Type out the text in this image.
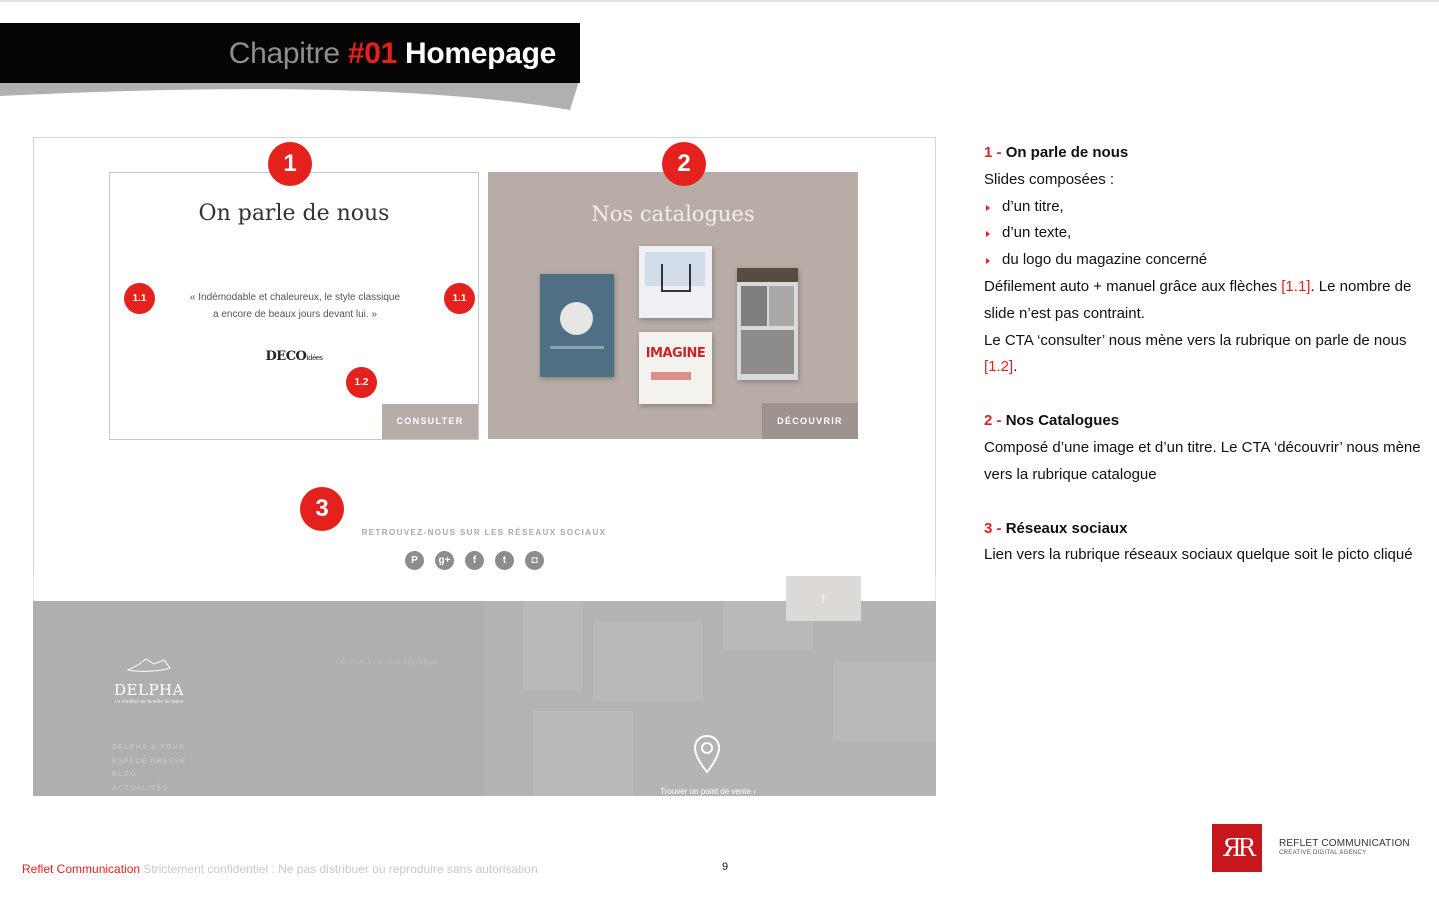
Chapitre #01 Homepage
On parle de nous
« Indémodable et chaleureux, le style classique
a encore de beaux jours devant lui. »
DECOidées
CONSULTER
Nos catalogues
IMAGINE
DÉCOUVRIR
1	2
3
1.1	1.1
1.2
RETROUVEZ-NOUS SUR LES RÉSEAUX SOCIAUX
P	g+	f	t	◘
DELPHA
Le meilleur de la salle de bains
DELPHA, 2 rue de la République
DELPHA & VOUS
ESPACE PRESSE
BLOG
ACTUALITÉS	Trouver un point de vente ›
↑

1 - On parle de nous

Slides composées :

d’un titre,
d’un texte,
du logo du magazine concerné

Défilement auto + manuel grâce aux flèches [1.1]. Le nombre de slide n’est pas contraint.

Le CTA ‘consulter’ nous mène vers la rubrique on parle de nous [1.2].

2 - Nos Catalogues

Composé d’une image et d’un titre. Le CTA ‘découvrir’ nous mène vers la rubrique catalogue

3 - Réseaux sociaux

Lien vers la rubrique réseaux sociaux quelque soit le picto cliqué

Reflet Communication Strictement confidentiel : Ne pas distribuer ou reproduire sans autorisation	9
ЯR	REFLET COMMUNICATION
CREATIVE DIGITAL AGENCY
